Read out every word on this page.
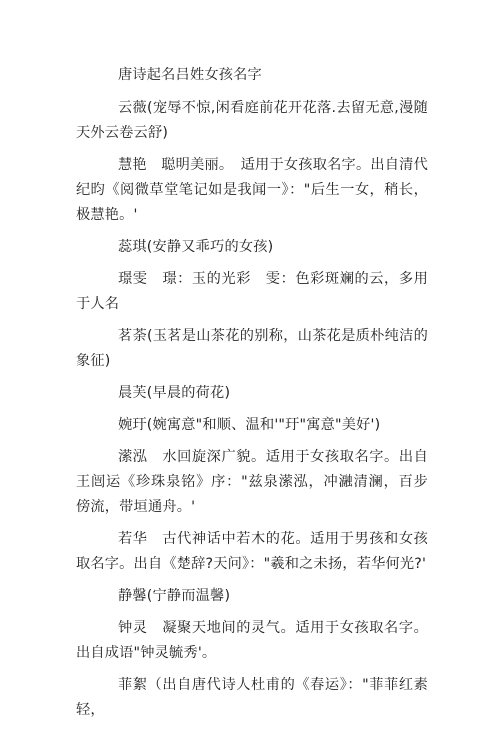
唐诗起名吕姓女孩名字

云薇(宠辱不惊,闲看庭前花开花落.去留无意,漫随天外云卷云舒)

慧艳　聪明美丽。　适用于女孩取名字。出自清代纪昀《阅微草堂笔记如是我闻一》："后生一女，稍长，极慧艳。'

蕊琪(安静又乖巧的女孩)

璟雯　璟：玉的光彩　雯：色彩斑斓的云，多用于人名

茗荼(玉茗是山茶花的别称，山茶花是质朴纯洁的象征)

晨芙(早晨的荷花)

婉玗(婉寓意"和顺、温和'"玗"寓意"美好')

潆泓　水回旋深广貌。适用于女孩取名字。出自王闿运《珍珠泉铭》序："兹泉潆泓，冲瀜清澜，百步傍流，带垣通舟。'

若华　古代神话中若木的花。适用于男孩和女孩取名字。出自《楚辞?天问》："羲和之未扬，若华何光?'

静馨(宁静而温馨)

钟灵　凝聚天地间的灵气。适用于女孩取名字。出自成语"钟灵毓秀'。

菲絮（出自唐代诗人杜甫的《春运》："菲菲红素轻，
